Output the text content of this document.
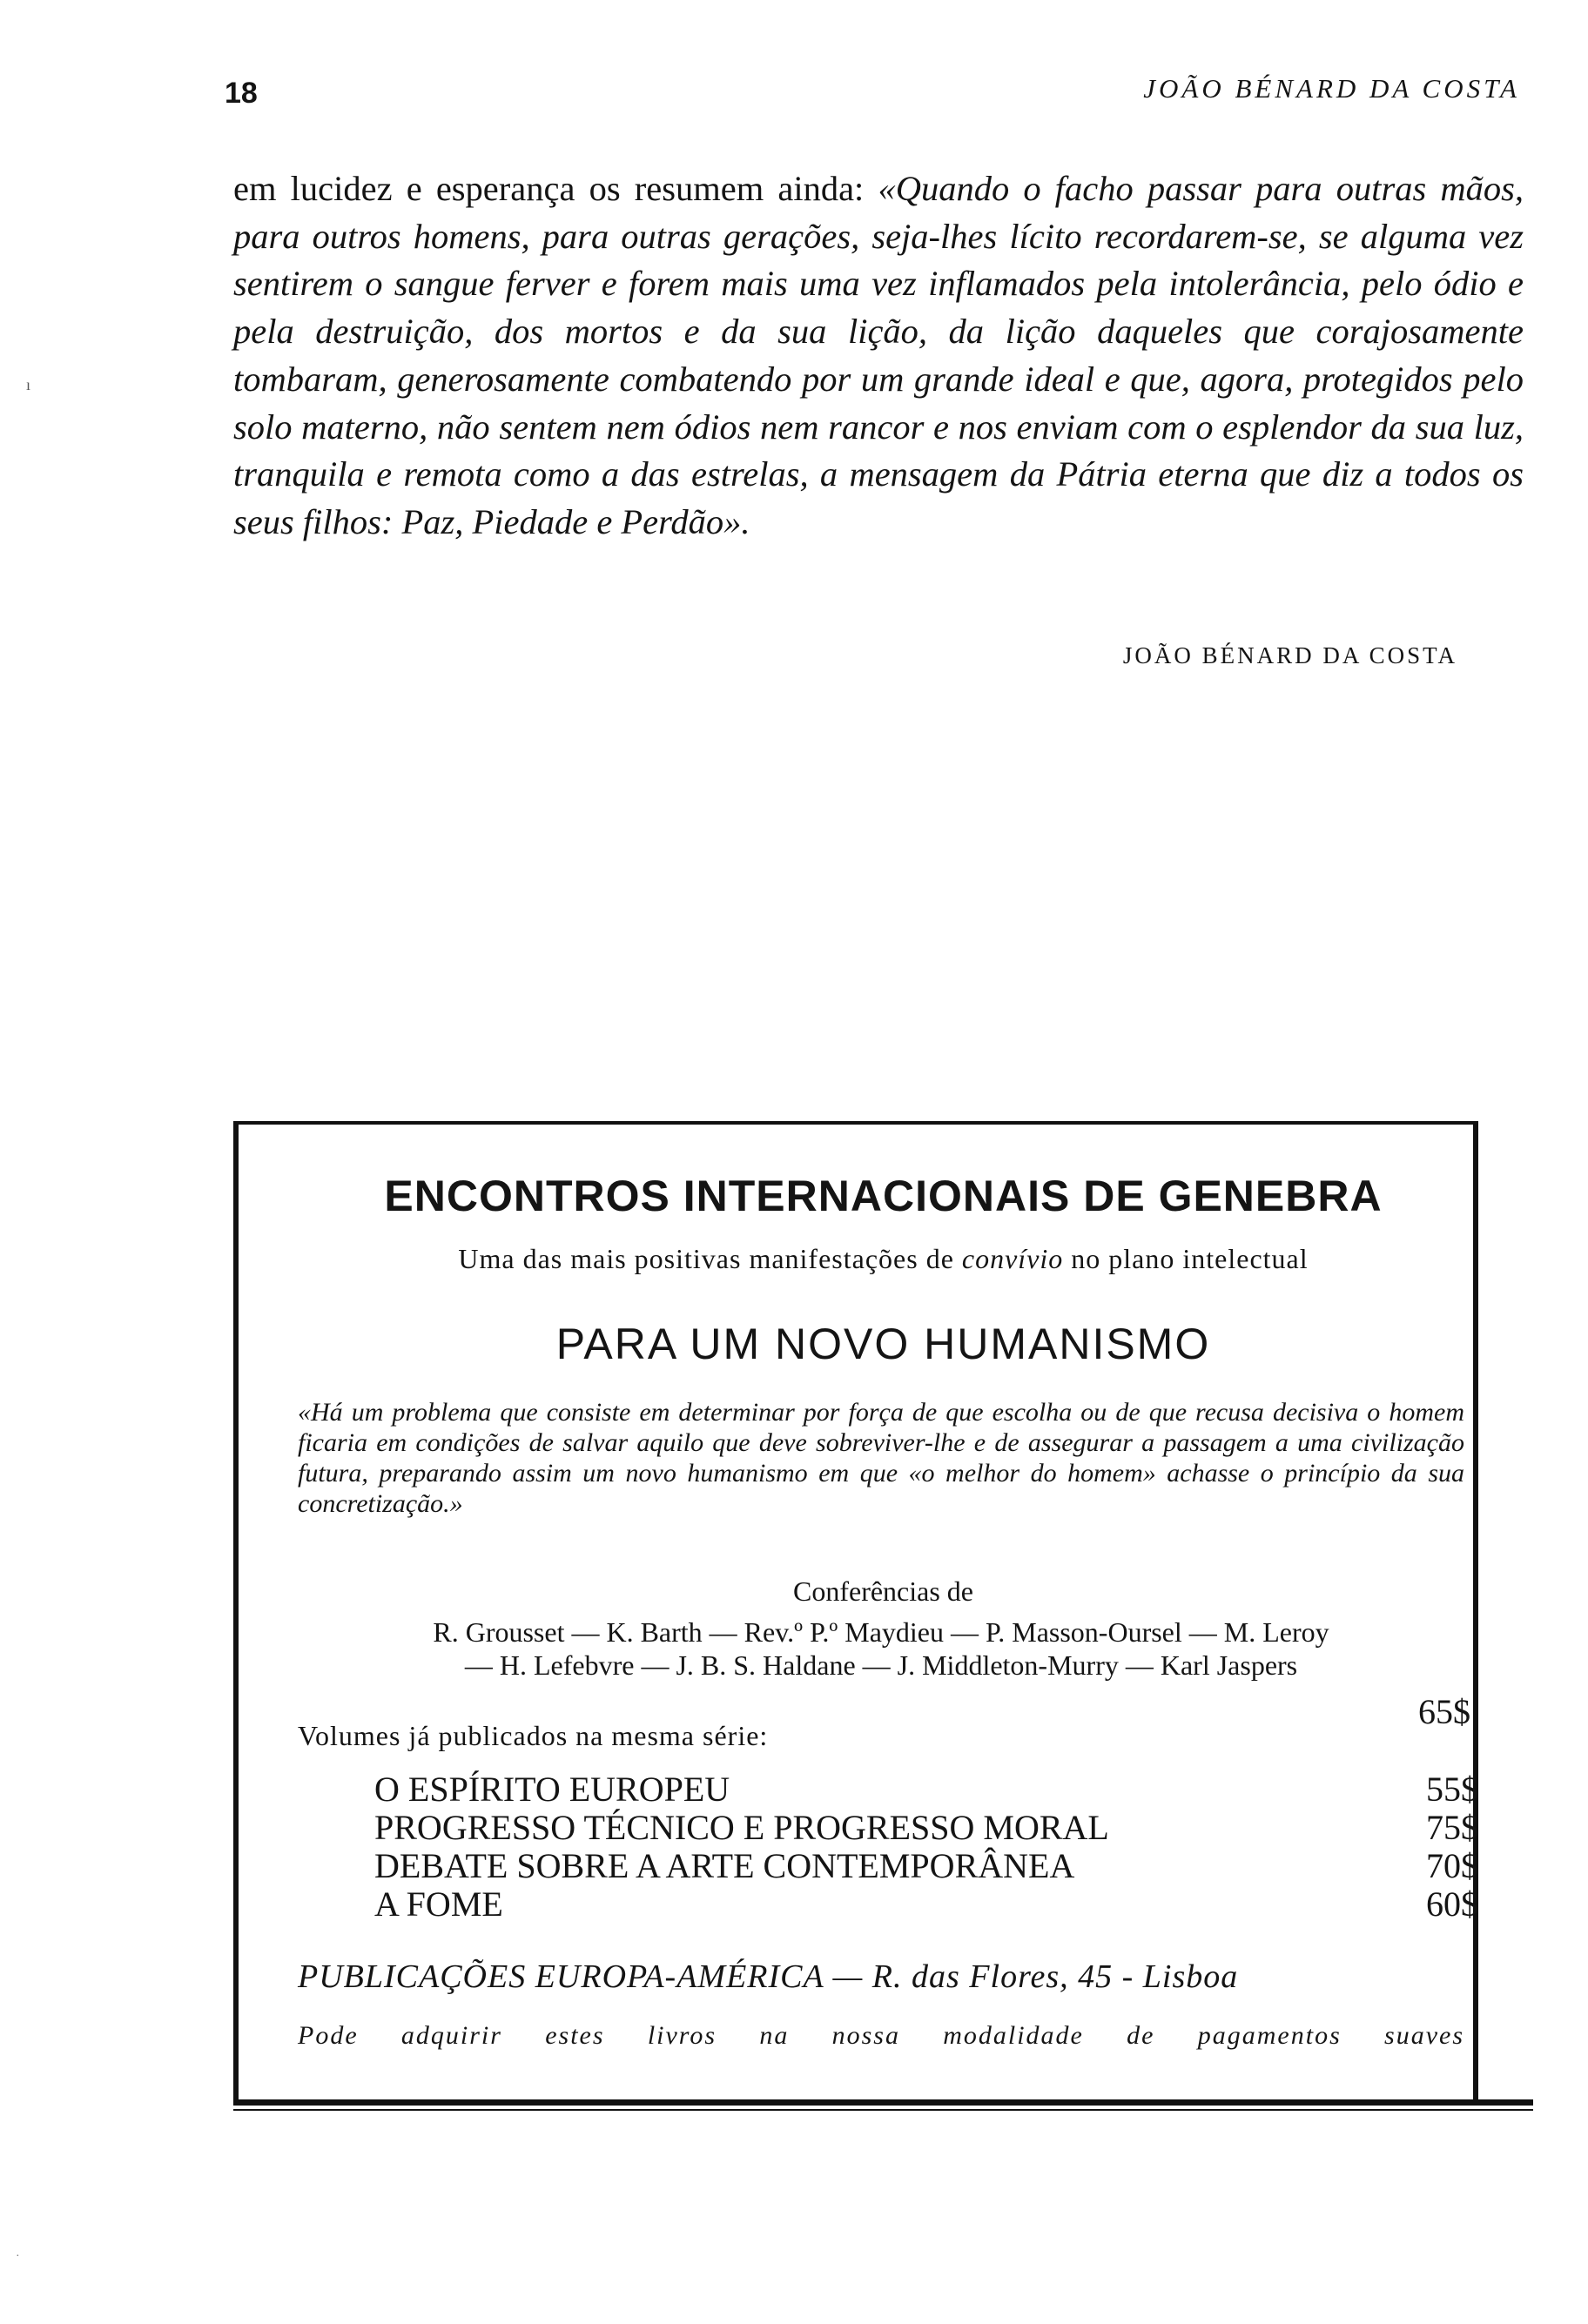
18	JOÃO BÉNARD DA COSTA
ı
em lucidez e esperança os resumem ainda: «Quando o facho passar para outras mãos, para outros homens, para outras gerações, seja-lhes lícito recordarem-se, se alguma vez sentirem o sangue ferver e forem mais uma vez inflamados pela intolerância, pelo ódio e pela destruição, dos mortos e da sua lição, da lição daqueles que corajosamente tombaram, generosamente combatendo por um grande ideal e que, agora, protegidos pelo solo materno, não sentem nem ódios nem rancor e nos enviam com o esplendor da sua luz, tranquila e remota como a das estrelas, a mensagem da Pátria eterna que diz a todos os seus filhos: Paz, Piedade e Perdão».
JOÃO BÉNARD DA COSTA
ENCONTROS INTERNACIONAIS DE GENEBRA
Uma das mais positivas manifestações de convívio no plano intelectual
PARA UM NOVO HUMANISMO
«Há um problema que consiste em determinar por força de que escolha ou de que recusa decisiva o homem ficaria em condições de salvar aquilo que deve sobreviver-lhe e de assegurar a passagem a uma civilização futura, preparando assim um novo humanismo em que «o melhor do homem» achasse o princípio da sua concretização.»
Conferências de
R. Grousset — K. Barth — Rev.º P.º Maydieu — P. Masson-Oursel — M. Leroy
— H. Lefebvre — J. B. S. Haldane — J. Middleton-Murry — Karl Jaspers
65$
Volumes já publicados na mesma série:
O ESPÍRITO EUROPEU	55$
PROGRESSO TÉCNICO E PROGRESSO MORAL	75$
DEBATE SOBRE A ARTE CONTEMPORÂNEA	70$
A FOME	60$
PUBLICAÇÕES EUROPA-AMÉRICA — R. das Flores, 45 - Lisboa
Pode adquirir estes livros na nossa modalidade de pagamentos suaves
·
